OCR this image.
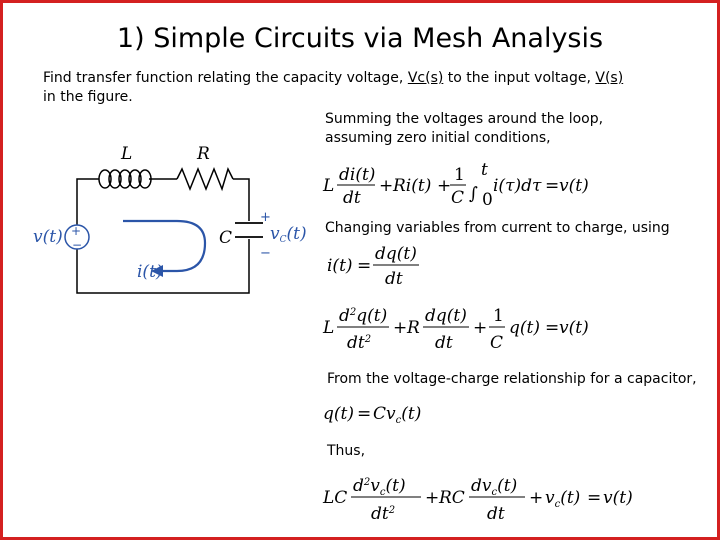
1) Simple Circuits via Mesh Analysis
Find transfer function relating the capacity voltage, Vc(s) to the input voltage, V(s)
in the figure.
Summing the voltages around the loop,
assuming zero initial conditions,
L	R
C
v(t) +
−
i(t)
+
−
vC(t)
L
di(t)
dt
+ Ri(t) +
1
C ∫
t
0
i(τ)dτ = v(t)
Changing variables from current to charge, using
i(t) =
dq(t)
dt
L
$d^2q(t)$
$dt^2$
+ R
dq(t)
dt
+
1
C
q(t) = v(t)
From the voltage-charge relationship for a capacitor,
$q(t) = Cv_c(t)$
Thus,
LC
$d^2v_c(t)$
$dt^2$
+ RC
$dv_c(t)$
dt
+ $v_c(t) = v(t)$
